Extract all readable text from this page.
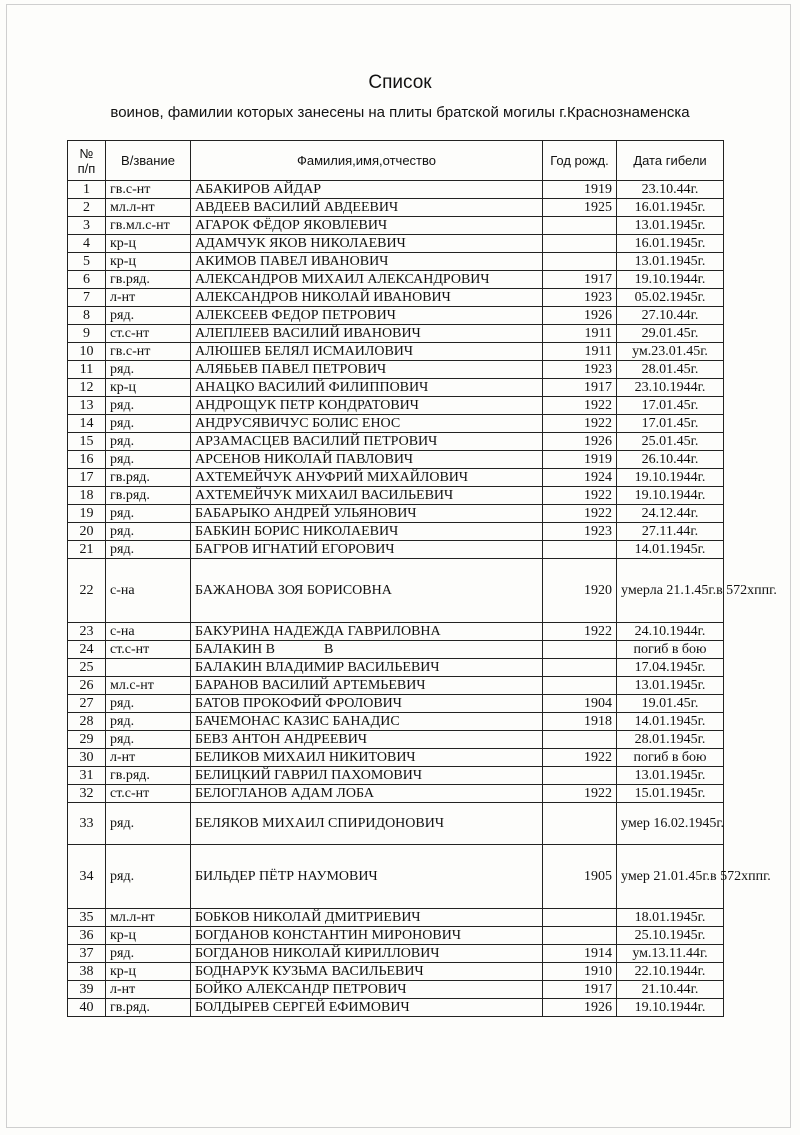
Список
воинов, фамилии которых занесены на плиты братской могилы г.Краснознаменска
№
п/п	В/звание	Фамилия,имя,отчество	Год рожд.	Дата гибели
1	гв.с-нт	АБАКИРОВ АЙДАР	1919	23.10.44г.
2	мл.л-нт	АВДЕЕВ ВАСИЛИЙ АВДЕЕВИЧ	1925	16.01.1945г.
3	гв.мл.с-нт	АГАРОК ФЁДОР ЯКОВЛЕВИЧ		13.01.1945г.
4	кр-ц	АДАМЧУК ЯКОВ НИКОЛАЕВИЧ		16.01.1945г.
5	кр-ц	АКИМОВ ПАВЕЛ ИВАНОВИЧ		13.01.1945г.
6	гв.ряд.	АЛЕКСАНДРОВ МИХАИЛ АЛЕКСАНДРОВИЧ	1917	19.10.1944г.
7	л-нт	АЛЕКСАНДРОВ НИКОЛАЙ ИВАНОВИЧ	1923	05.02.1945г.
8	ряд.	АЛЕКСЕЕВ ФЕДОР ПЕТРОВИЧ	1926	27.10.44г.
9	ст.с-нт	АЛЕПЛЕЕВ ВАСИЛИЙ ИВАНОВИЧ	1911	29.01.45г.
10	гв.с-нт	АЛЮШЕВ БЕЛЯЛ ИСМАИЛОВИЧ	1911	ум.23.01.45г.
11	ряд.	АЛЯБЬЕВ ПАВЕЛ ПЕТРОВИЧ	1923	28.01.45г.
12	кр-ц	АНАЦКО ВАСИЛИЙ ФИЛИППОВИЧ	1917	23.10.1944г.
13	ряд.	АНДРОЩУК ПЕТР КОНДРАТОВИЧ	1922	17.01.45г.
14	ряд.	АНДРУСЯВИЧУС БОЛИС ЕНОС	1922	17.01.45г.
15	ряд.	АРЗАМАСЦЕВ ВАСИЛИЙ ПЕТРОВИЧ	1926	25.01.45г.
16	ряд.	АРСЕНОВ НИКОЛАЙ ПАВЛОВИЧ	1919	26.10.44г.
17	гв.ряд.	АХТЕМЕЙЧУК АНУФРИЙ МИХАЙЛОВИЧ	1924	19.10.1944г.
18	гв.ряд.	АХТЕМЕЙЧУК МИХАИЛ ВАСИЛЬЕВИЧ	1922	19.10.1944г.
19	ряд.	БАБАРЫКО АНДРЕЙ УЛЬЯНОВИЧ	1922	24.12.44г.
20	ряд.	БАБКИН БОРИС НИКОЛАЕВИЧ	1923	27.11.44г.
21	ряд.	БАГРОВ ИГНАТИЙ ЕГОРОВИЧ		14.01.1945г.
22	с-на	БАЖАНОВА ЗОЯ БОРИСОВНА	1920	умерла 21.1.45г.в 572хппг.
23	с-на	БАКУРИНА НАДЕЖДА ГАВРИЛОВНА	1922	24.10.1944г.
24	ст.с-нт	БАЛАКИН В              В		погиб в бою
25		БАЛАКИН ВЛАДИМИР ВАСИЛЬЕВИЧ		17.04.1945г.
26	мл.с-нт	БАРАНОВ ВАСИЛИЙ АРТЕМЬЕВИЧ		13.01.1945г.
27	ряд.	БАТОВ ПРОКОФИЙ ФРОЛОВИЧ	1904	19.01.45г.
28	ряд.	БАЧЕМОНАС КАЗИС БАНАДИС	1918	14.01.1945г.
29	ряд.	БЕВЗ АНТОН АНДРЕЕВИЧ		28.01.1945г.
30	л-нт	БЕЛИКОВ МИХАИЛ НИКИТОВИЧ	1922	погиб в бою
31	гв.ряд.	БЕЛИЦКИЙ ГАВРИЛ ПАХОМОВИЧ		13.01.1945г.
32	ст.с-нт	БЕЛОГЛАНОВ АДАМ ЛОБА	1922	15.01.1945г.
33	ряд.	БЕЛЯКОВ МИХАИЛ СПИРИДОНОВИЧ		умер 16.02.1945г.
34	ряд.	БИЛЬДЕР ПЁТР НАУМОВИЧ	1905	умер 21.01.45г.в 572хппг.
35	мл.л-нт	БОБКОВ НИКОЛАЙ ДМИТРИЕВИЧ		18.01.1945г.
36	кр-ц	БОГДАНОВ КОНСТАНТИН МИРОНОВИЧ		25.10.1945г.
37	ряд.	БОГДАНОВ НИКОЛАЙ КИРИЛЛОВИЧ	1914	ум.13.11.44г.
38	кр-ц	БОДНАРУК КУЗЬМА ВАСИЛЬЕВИЧ	1910	22.10.1944г.
39	л-нт	БОЙКО АЛЕКСАНДР ПЕТРОВИЧ	1917	21.10.44г.
40	гв.ряд.	БОЛДЫРЕВ СЕРГЕЙ ЕФИМОВИЧ	1926	19.10.1944г.
